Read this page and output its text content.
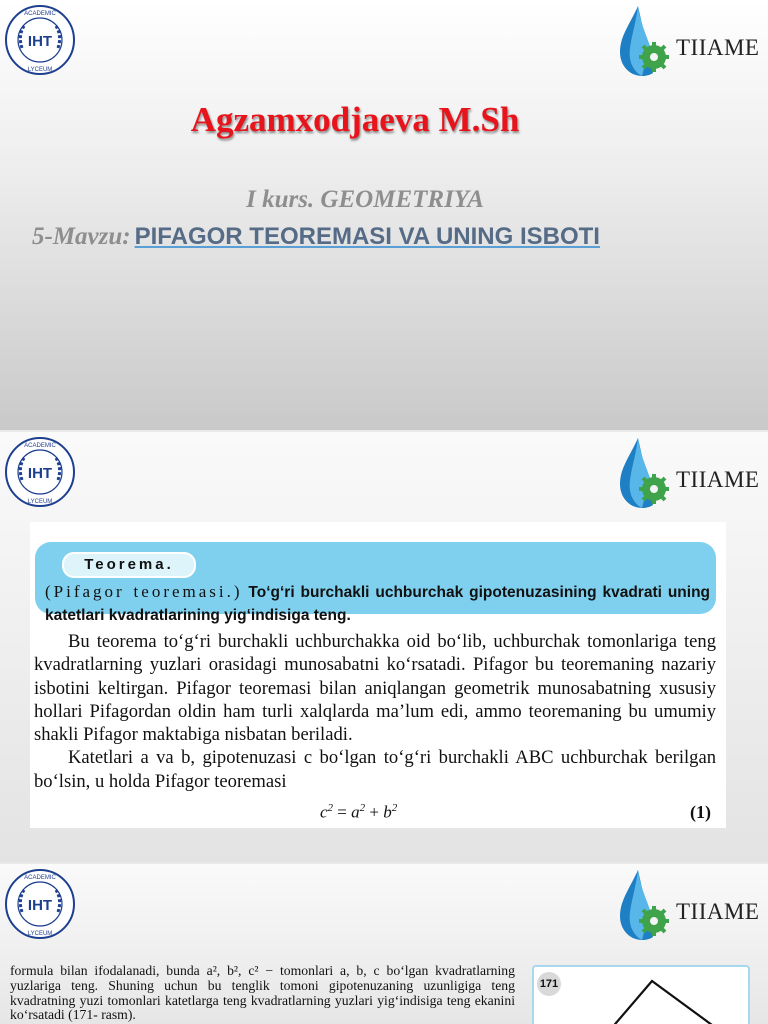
IHT
ACADEMIC
LYCEUM
TIIAME
Agzamxodjaeva M.Sh
I kurs. GEOMETRIYA
5-Mavzu: PIFAGOR TEOREMASI VA UNING ISBOTI
IHT
ACADEMIC
LYCEUM
TIIAME
Teorema.
(Pifagor teoremasi.) To‘g‘ri burchakli uchburchak gipotenuzasining kvadrati uning katetlari kvadratlarining yig‘indisiga teng.

Bu teorema to‘g‘ri burchakli uchburchakka oid bo‘lib, uchburchak tomonlariga teng kvadratlarning yuzlari orasidagi munosabatni ko‘rsatadi. Pifagor bu teoremaning nazariy isbotini keltirgan. Pifagor teoremasi bilan aniqlangan geometrik munosabatning xususiy hollari Pifagordan oldin ham turli xalqlarda ma’lum edi, ammo teoremaning bu umumiy shakli Pifagor maktabiga nisbatan beriladi.

Katetlari a va b, gipotenuzasi c bo‘lgan to‘g‘ri burchakli ABC uchburchak berilgan bo‘lsin, u holda Pifagor teoremasi

$c^2 = a^2 + b^2$	(1)
IHT
ACADEMIC
LYCEUM
TIIAME

formula bilan ifodalanadi, bunda a², b², c² − tomonlari a, b, c bo‘lgan kvadratlarning yuzlariga teng. Shuning uchun bu tenglik tomoni gipotenuzaning uzunligiga teng kvadratning yuzi tomonlari katetlarga teng kvadratlarning yuzlari yig‘indisiga teng ekanini ko‘rsatadi (171- rasm).

171
